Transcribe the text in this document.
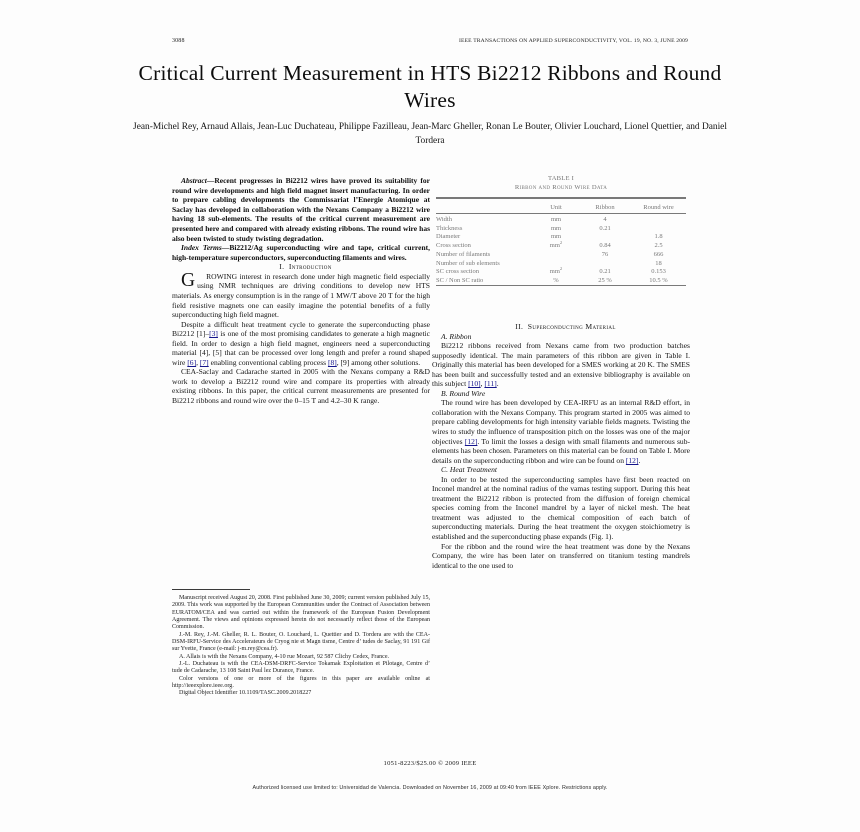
3088	IEEE TRANSACTIONS ON APPLIED SUPERCONDUCTIVITY, VOL. 19, NO. 3, JUNE 2009
Critical Current Measurement in HTS Bi2212 Ribbons and Round Wires
Jean-Michel Rey, Arnaud Allais, Jean-Luc Duchateau, Philippe Fazilleau, Jean-Marc Gheller, Ronan Le Bouter, Olivier Louchard, Lionel Quettier, and Daniel Tordera
TABLE I
Ribbon and Round Wire Data
	Unit	Ribbon	Round wire
Width	mm	4	
Thickness	mm	0.21	
Diameter	mm		1.8
Cross section	$mm^2$	0.84	2.5
Number of filaments		76	666
Number of sub elements			18
SC cross section	$mm^2$	0.21	0.153
SC / Non SC ratio	%	25 %	10.5 %

Abstract—Recent progresses in Bi2212 wires have proved its suitability for round wire developments and high field magnet insert manufacturing. In order to prepare cabling developments the Commissariat l’Energie Atomique at Saclay has developed in collaboration with the Nexans Company a Bi2212 wire having 18 sub-elements. The results of the critical current measurement are presented here and compared with already existing ribbons. The round wire has also been twisted to study twisting degradation.

Index Terms—Bi2212/Ag superconducting wire and tape, critical current, high-temperature superconductors, superconducting filaments and wires.

I. Introduction

G ROWING interest in research done under high magnetic field especially using NMR techniques are driving conditions to develop new HTS materials. As energy consumption is in the range of 1 MW/T above 20 T for the high field resistive magnets one can easily imagine the potential benefits of a fully superconducting high field magnet.

Despite a difficult heat treatment cycle to generate the superconducting phase Bi2212 [1]–[3] is one of the most promising candidates to generate a high magnetic field. In order to design a high field magnet, engineers need a superconducting material [4], [5] that can be processed over long length and prefer a round shaped wire [6], [7] enabling conventional cabling process [8], [9] among other solutions.

CEA-Saclay and Cadarache started in 2005 with the Nexans company a R&D work to develop a Bi2212 round wire and compare its properties with already existing ribbons. In this paper, the critical current measurements are presented for Bi2212 ribbons and round wire over the 0–15 T and 4.2–30 K range.

II. Superconducting Material

A. Ribbon

Bi2212 ribbons received from Nexans came from two production batches supposedly identical. The main parameters of this ribbon are given in Table I. Originally this material has been developed for a SMES working at 20 K. The SMES has been built and successfully tested and an extensive bibliography is available on this subject [10], [11].

B. Round Wire

The round wire has been developed by CEA-IRFU as an internal R&D effort, in collaboration with the Nexans Company. This program started in 2005 was aimed to prepare cabling developments for high intensity variable fields magnets. Twisting the wires to study the influence of transposition pitch on the losses was one of the major objectives [12]. To limit the losses a design with small filaments and numerous sub-elements has been chosen. Parameters on this material can be found on Table I. More details on the superconducting ribbon and wire can be found on [12].

C. Heat Treatment

In order to be tested the superconducting samples have first been reacted on Inconel mandrel at the nominal radius of the vamas testing support. During this heat treatment the Bi2212 ribbon is protected from the diffusion of foreign chemical species coming from the Inconel mandrel by a layer of nickel mesh. The heat treatment was adjusted to the chemical composition of each batch of superconducting materials. During the heat treatment the oxygen stoichiometry is established and the superconducting phase expands (Fig. 1).

For the ribbon and the round wire the heat treatment was done by the Nexans Company, the wire has been later on transferred on titanium testing mandrels identical to the one used to

Manuscript received August 20, 2008. First published June 30, 2009; current version published July 15, 2009. This work was supported by the European Communities under the Contract of Association between EURATOM/CEA and was carried out within the framework of the European Fusion Development Agreement. The views and opinions expressed herein do not necessarily reflect those of the European Commission.

J.-M. Rey, J.-M. Gheller, R. L. Bouter, O. Louchard, L. Quettier and D. Tordera are with the CEA-DSM-IRFU-Service des Accelerateurs de Cryog nie et Magn tisme, Centre d’ tudes de Saclay, 91 191 Gif sur Yvette, France (e-mail: j-m.rey@cea.fr).

A. Allais is with the Nexans Company, 4-10 rue Mozart, 92 587 Clichy Cedex, France.

J.-L. Duchateau is with the CEA-DSM-DRFC-Service Tokamak Exploitation et Pilotage, Centre d’ tude de Cadarache, 13 108 Saint Paul lez Durance, France.

Color versions of one or more of the figures in this paper are available online at http://ieeexplore.ieee.org.

Digital Object Identifier 10.1109/TASC.2009.2018227

1051-8223/$25.00 © 2009 IEEE
Authorized licensed use limited to: Universidad de Valencia. Downloaded on November 16, 2009 at 09:40 from IEEE Xplore. Restrictions apply.
